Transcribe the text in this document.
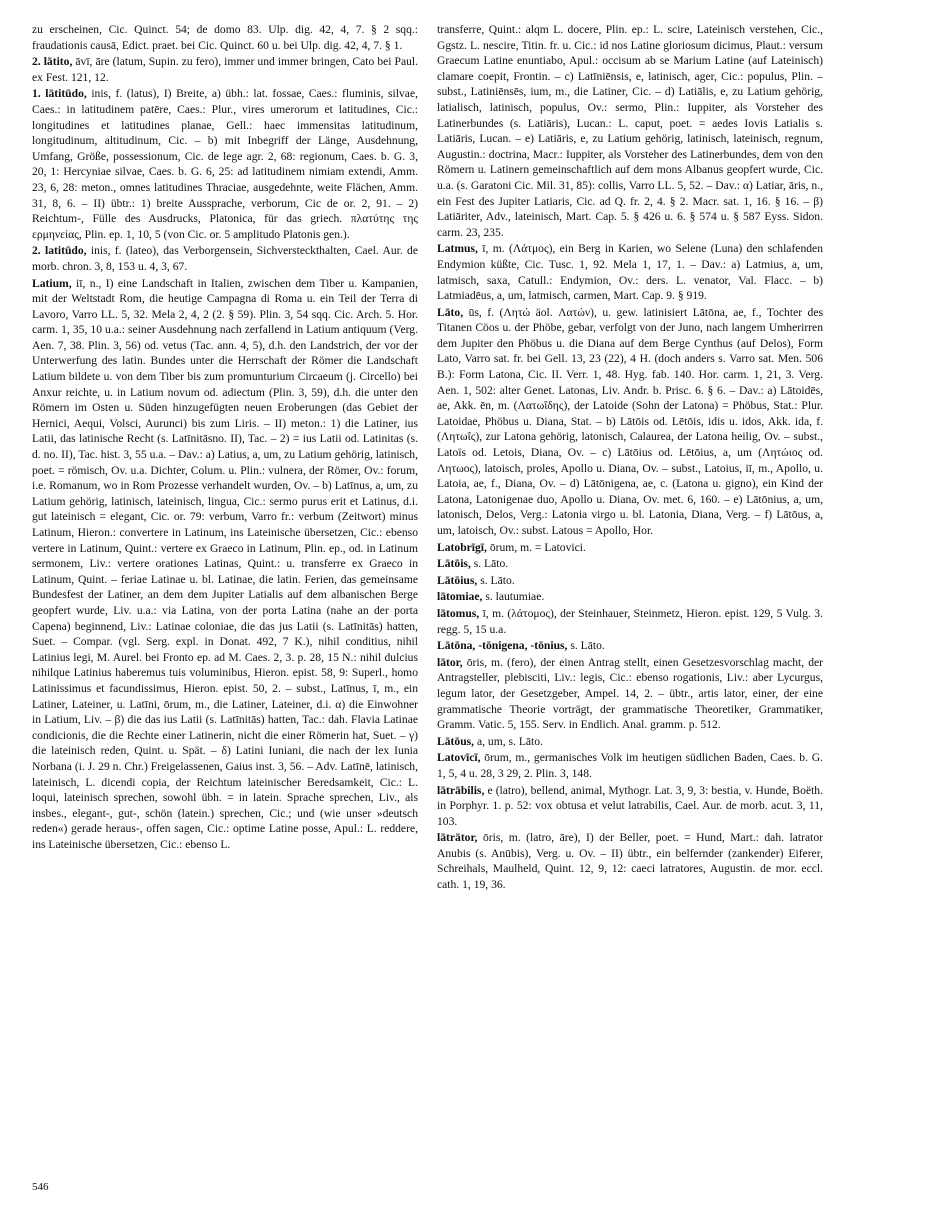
zu erscheinen, Cic. Quinct. 54; de domo 83. Ulp. dig. 42, 4, 7. § 2 sqq.: fraudationis causā, Edict. praet. bei Cic. Quinct. 60 u. bei Ulp. dig. 42, 4, 7. § 1.

2. lātito, āvī, āre (latum, Supin. zu fero), immer und immer bringen, Cato bei Paul. ex Fest. 121, 12.

1. lātitūdo, inis, f. (latus), I) Breite, a) übh.: lat. fossae, Caes.: fluminis, silvae, Caes.: in latitudinem patēre, Caes.: Plur., vires umerorum et latitudines, Cic.: longitudines et latitudines planae, Gell.: haec immensitas latitudinum, longitudinum, altitudinum, Cic. – b) mit Inbegriff der Länge, Ausdehnung, Umfang, Größe, possessionum, Cic. de lege agr. 2, 68: regionum, Caes. b. G. 3, 20, 1: Hercyniae silvae, Caes. b. G. 6, 25: ad latitudinem nimiam extendi, Amm. 23, 6, 28: meton., omnes latitudines Thraciae, ausgedehnte, weite Flächen, Amm. 31, 8, 6. – II) übtr.: 1) breite Aussprache, verborum, Cic de or. 2, 91. – 2) Reichtum-, Fülle des Ausdrucks, Platonica, für das griech. πλατύτης της ερμηνείας, Plin. ep. 1, 10, 5 (von Cic. or. 5 amplitudo Platonis gen.).

2. latitūdo, inis, f. (lateo), das Verborgensein, Sichversteckthalten, Cael. Aur. de morb. chron. 3, 8, 153 u. 4, 3, 67.

Latium, iī, n., I) eine Landschaft in Italien, zwischen dem Tiber u. Kampanien, mit der Weltstadt Rom, die heutige Campagna di Roma u. ein Teil der Terra di Lavoro, Varro LL. 5, 32. Mela 2, 4, 2 (2. § 59). Plin. 3, 54 sqq. Cic. Arch. 5. Hor. carm. 1, 35, 10 u.a.: seiner Ausdehnung nach zerfallend in Latium antiquum (Verg. Aen. 7, 38. Plin. 3, 56) od. vetus (Tac. ann. 4, 5), d.h. den Landstrich, der vor der Unterwerfung des latin. Bundes unter die Herrschaft der Römer die Landschaft Latium bildete u. von dem Tiber bis zum promunturium Circaeum (j. Circello) bei Anxur reichte, u. in Latium novum od. adiectum (Plin. 3, 59), d.h. die unter den Römern im Osten u. Süden hinzugefügten neuen Eroberungen (das Gebiet der Hernici, Aequi, Volsci, Aurunci) bis zum Liris. – II) meton.: 1) die Latiner, ius Latii, das latinische Recht (s. Latīnitāsno. II), Tac. – 2) = ius Latii od. Latinitas (s. d. no. II), Tac. hist. 3, 55 u.a. – Dav.: a) Latius, a, um, zu Latium gehörig, latinisch, poet. = römisch, Ov. u.a. Dichter, Colum. u. Plin.: vulnera, der Römer, Ov.: forum, i.e. Romanum, wo in Rom Prozesse verhandelt wurden, Ov. – b) Latīnus, a, um, zu Latium gehörig, latinisch, lateinisch, lingua, Cic.: sermo purus erit et Latinus, d.i. gut lateinisch = elegant, Cic. or. 79: verbum, Varro fr.: verbum (Zeitwort) minus Latinum, Hieron.: convertere in Latinum, ins Lateinische übersetzen, Cic.: ebenso vertere in Latinum, Quint.: vertere ex Graeco in Latinum, Plin. ep., od. in Latinum sermonem, Liv.: vertere orationes Latinas, Quint.: u. transferre ex Graeco in Latinum, Quint. – feriae Latinae u. bl. Latinae, die latin. Ferien, das gemeinsame Bundesfest der Latiner, an dem dem Jupiter Latialis auf dem albanischen Berge geopfert wurde, Liv. u.a.: via Latina, von der porta Latina (nahe an der porta Capena) beginnend, Liv.: Latinae coloniae, die das jus Latii (s. Latīnitās) hatten, Suet. – Compar. (vgl. Serg. expl. in Donat. 492, 7 K.), nihil conditius, nihil Latinius legi, M. Aurel. bei Fronto ep. ad M. Caes. 2, 3. p. 28, 15 N.: nihil dulcius nihilque Latinius haberemus tuis voluminibus, Hieron. epist. 58, 9: Superl., homo Latinissimus et facundissimus, Hieron. epist. 50, 2. – subst., Latīnus, ī, m., ein Latiner, Lateiner, u. Latīni, ōrum, m., die Latiner, Lateiner, d.i. α) die Einwohner in Latium, Liv. – β) die das ius Latii (s. Latīnitās) hatten, Tac.: dah. Flavia Latinae condicionis, die die Rechte einer Latinerin, nicht die einer Römerin hat, Suet. – γ) die lateinisch reden, Quint. u. Spät. – δ) Latini Iuniani, die nach der lex Iunia Norbana (i. J. 29 n. Chr.) Freigelassenen, Gaius inst. 3, 56. – Adv. Latīnē, latinisch, lateinisch, L. dicendi copia, der Reichtum lateinischer Beredsamkeit, Cic.: L. loqui, lateinisch sprechen, sowohl übh. = in latein. Sprache sprechen, Liv., als insbes., elegant-, gut-, schön (latein.) sprechen, Cic.; und (wie unser »deutsch reden«) gerade heraus-, offen sagen, Cic.: optime Latine posse, Apul.: L. reddere, ins Lateinische übersetzen, Cic.: ebenso L.

transferre, Quint.: alqm L. docere, Plin. ep.: L. scire, Lateinisch verstehen, Cic., Ggstz. L. nescire, Titin. fr. u. Cic.: id nos Latine gloriosum dicimus, Plaut.: versum Graecum Latine enuntiabo, Apul.: occisum ab se Marium Latine (auf Lateinisch) clamare coepit, Frontin. – c) Latīniēnsis, e, latinisch, ager, Cic.: populus, Plin. – subst., Latiniēnsēs, ium, m., die Latiner, Cic. – d) Latiālis, e, zu Latium gehörig, latialisch, latinisch, populus, Ov.: sermo, Plin.: Iuppiter, als Vorsteher des Latinerbundes (s. Latiāris), Lucan.: L. caput, poet. = aedes Iovis Latialis s. Latiāris, Lucan. – e) Latiāris, e, zu Latium gehörig, latinisch, lateinisch, regnum, Augustin.: doctrina, Macr.: Iuppiter, als Vorsteher des Latinerbundes, dem von den Römern u. Latinern gemeinschaftlich auf dem mons Albanus geopfert wurde, Cic. u.a. (s. Garatoni Cic. Mil. 31, 85): collis, Varro LL. 5, 52. – Dav.: α) Latiar, āris, n., ein Fest des Jupiter Latiaris, Cic. ad Q. fr. 2, 4. § 2. Macr. sat. 1, 16. § 16. – β) Latiāriter, Adv., lateinisch, Mart. Cap. 5. § 426 u. 6. § 574 u. § 587 Eyss. Sidon. carm. 23, 235.

Latmus, ī, m. (Λάτμος), ein Berg in Karien, wo Selene (Luna) den schlafenden Endymion küßte, Cic. Tusc. 1, 92. Mela 1, 17, 1. – Dav.: a) Latmius, a, um, latmisch, saxa, Catull.: Endymion, Ov.: ders. L. venator, Val. Flacc. – b) Latmiadēus, a, um, latmisch, carmen, Mart. Cap. 9. § 919.

Lāto, ūs, f. (Λητώ äol. Λατών), u. gew. latinisiert Lātōna, ae, f., Tochter des Titanen Cöos u. der Phöbe, gebar, verfolgt von der Juno, nach langem Umherirren dem Jupiter den Phöbus u. die Diana auf dem Berge Cynthus (auf Delos), Form Lato, Varro sat. fr. bei Gell. 13, 23 (22), 4 H. (doch anders s. Varro sat. Men. 506 B.): Form Latona, Cic. II. Verr. 1, 48. Hyg. fab. 140. Hor. carm. 1, 21, 3. Verg. Aen. 1, 502: alter Genet. Latonas, Liv. Andr. b. Prisc. 6. § 6. – Dav.: a) Lātoidēs, ae, Akk. ēn, m. (Λατωΐδης), der Latoide (Sohn der Latona) = Phöbus, Stat.: Plur. Latoidae, Phöbus u. Diana, Stat. – b) Lātōis od. Lētōis, idis u. idos, Akk. ida, f. (Λητωΐς), zur Latona gehörig, latonisch, Calaurea, der Latona heilig, Ov. – subst., Latoïs od. Letois, Diana, Ov. – c) Lātōius od. Lētōius, a, um (Λητώιος od. Λητωος), latoisch, proles, Apollo u. Diana, Ov. – subst., Latoius, iī, m., Apollo, u. Latoia, ae, f., Diana, Ov. – d) Lātōnigena, ae, c. (Latona u. gigno), ein Kind der Latona, Latonigenae duo, Apollo u. Diana, Ov. met. 6, 160. – e) Lātōnius, a, um, latonisch, Delos, Verg.: Latonia virgo u. bl. Latonia, Diana, Verg. – f) Lātōus, a, um, latoisch, Ov.: subst. Latous = Apollo, Hor.

Latobrīgī, ōrum, m. = Latovici.

Lātōis, s. Lāto.

Lātōius, s. Lāto.

lātomiae, s. lautumiae.

lātomus, ī, m. (λάτομος), der Steinhauer, Steinmetz, Hieron. epist. 129, 5 Vulg. 3. regg. 5, 15 u.a.

Lātōna, -tōnigena, -tōnius, s. Lāto.

lātor, ōris, m. (fero), der einen Antrag stellt, einen Gesetzesvorschlag macht, der Antragsteller, plebisciti, Liv.: legis, Cic.: ebenso rogationis, Liv.: aber Lycurgus, legum lator, der Gesetzgeber, Ampel. 14, 2. – übtr., artis lator, einer, der eine grammatische Theorie vorträgt, der grammatische Theoretiker, Grammatiker, Gramm. Vatic. 5, 155. Serv. in Endlich. Anal. gramm. p. 512.

Lātōus, a, um, s. Lāto.

Latovīcī, ōrum, m., germanisches Volk im heutigen südlichen Baden, Caes. b. G. 1, 5, 4 u. 28, 3 29, 2. Plin. 3, 148.

lātrābilis, e (latro), bellend, animal, Mythogr. Lat. 3, 9, 3: bestia, v. Hunde, Boëth. in Porphyr. 1. p. 52: vox obtusa et velut latrabilis, Cael. Aur. de morb. acut. 3, 11, 103.

lātrātor, ōris, m. (latro, āre), I) der Beller, poet. = Hund, Mart.: dah. latrator Anubis (s. Anūbis), Verg. u. Ov. – II) übtr., ein belfernder (zankender) Eiferer, Schreihals, Maulheld, Quint. 12, 9, 12: caeci latratores, Augustin. de mor. eccl. cath. 1, 19, 36.

546
